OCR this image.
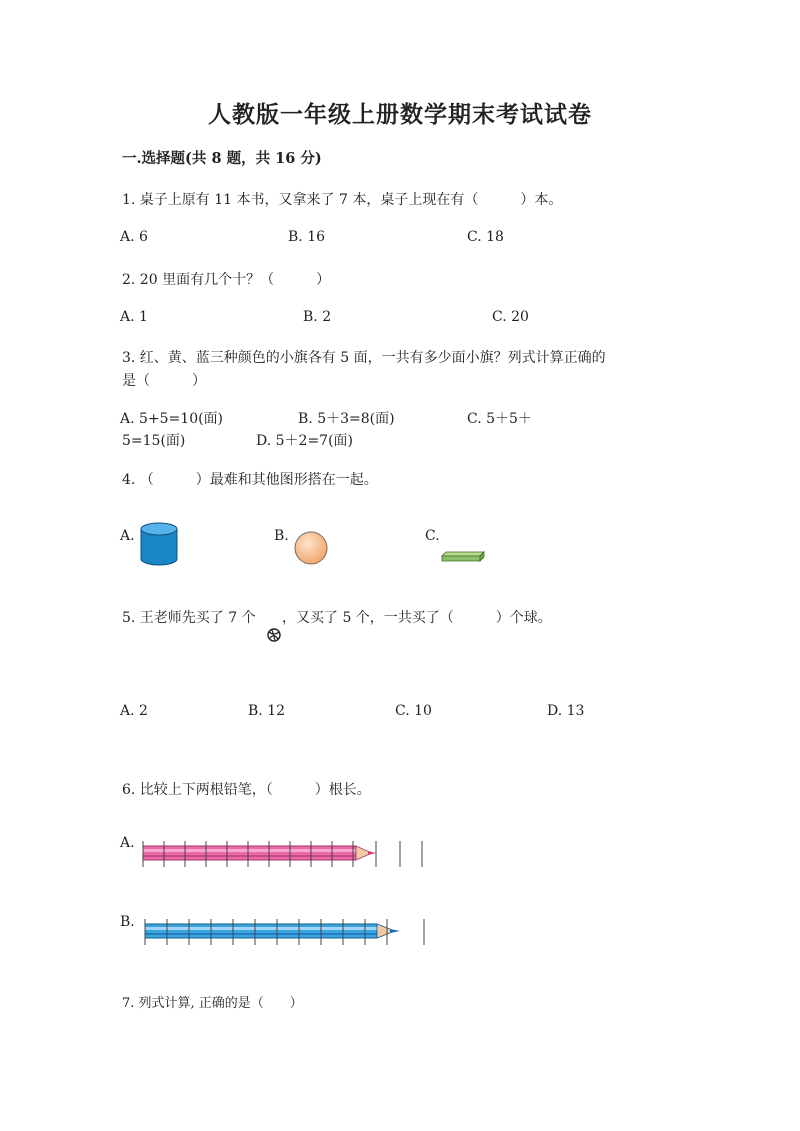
人教版一年级上册数学期末考试试卷
一.选择题(共 8 题，共 16 分)
1. 桌子上原有 11 本书，又拿来了 7 本，桌子上现在有（　　　）本。
A. 6	B. 16	C. 18
2. 20 里面有几个十？（　　　）
A. 1	B. 2	C. 20
3. 红、黄、蓝三种颜色的小旗各有 5 面，一共有多少面小旗？列式计算正确的
是（　　　）
A. 5+5=10(面)	B. 5＋3=8(面)	C. 5＋5＋
5=15(面)	D. 5＋2=7(面)
4. （　　　）最难和其他图形搭在一起。
A.	B.	C.
5. 王老师先买了 7 个 ，又买了 5 个，一共买了（　　　）个球。
A. 2	B. 12	C. 10	D. 13
6. 比较上下两根铅笔，（　　　）根长。
A.
B.
7. 列式计算, 正确的是（　　）
